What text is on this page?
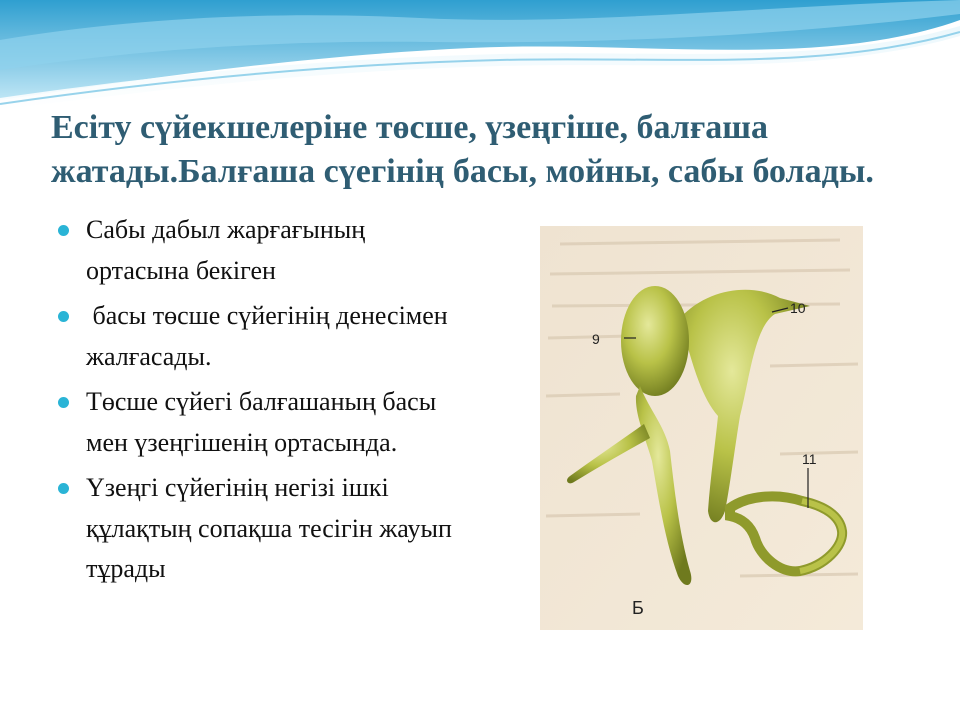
Есіту сүйекшелеріне төсше, үзеңгіше, балғаша жатады.Балғаша сүегінің басы, мойны, сабы болады.
Сабы дабыл жарғағының ортасына бекіген
басы төсше сүйегінің денесімен жалғасады.
Төсше сүйегі балғашаның басы мен үзеңгішенің ортасында.
Үзеңгі сүйегінің негізі ішкі құлақтың сопақша тесігін жауып тұрады
9
10
11
Б
